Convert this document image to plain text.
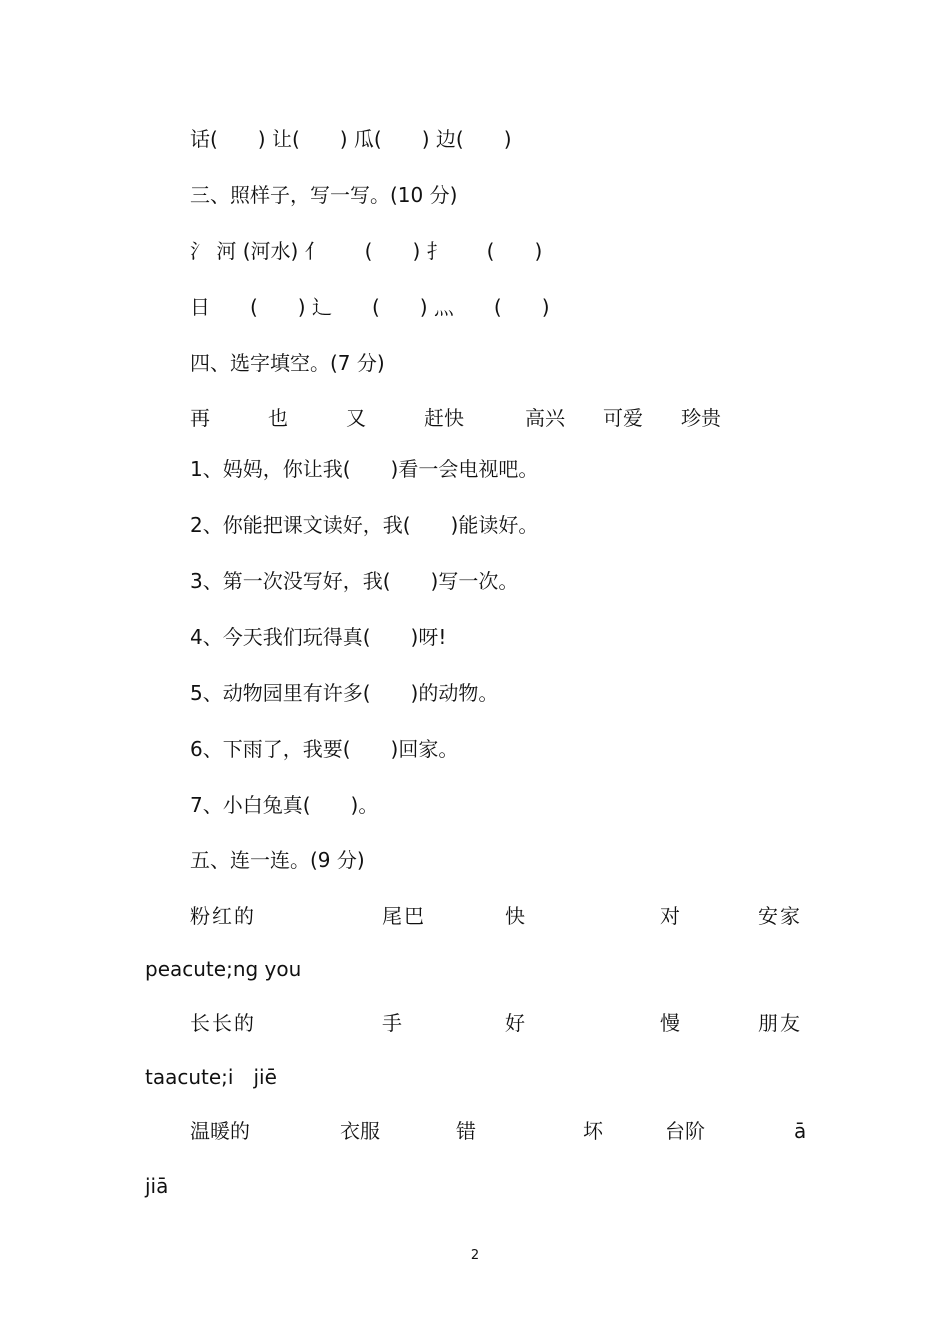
话(　　) 让(　　) 瓜(　　) 边(　　)
三、照样子，写一写。(10 分)
氵 河 (河水) 亻　　(　　) 扌　　(　　)
日　　(　　) 辶　　(　　) 灬　　(　　)
四、选字填空。(7 分)
再	也	又	赶快	高兴 可爱 珍贵
1、妈妈，你让我(　　)看一会电视吧。
2、你能把课文读好，我(　　)能读好。
3、第一次没写好，我(　　)写一次。
4、今天我们玩得真(　　)呀!
5、动物园里有许多(　　)的动物。
6、下雨了，我要(　　)回家。
7、小白兔真(　　)。
五、连一连。(9 分)
粉红的	尾巴	快	对	安家
peacute;ng you
长长的	手	好	慢	朋友
taacute;i　jiē
温暖的	衣服	错	坏	台阶	ā
jiā
2
